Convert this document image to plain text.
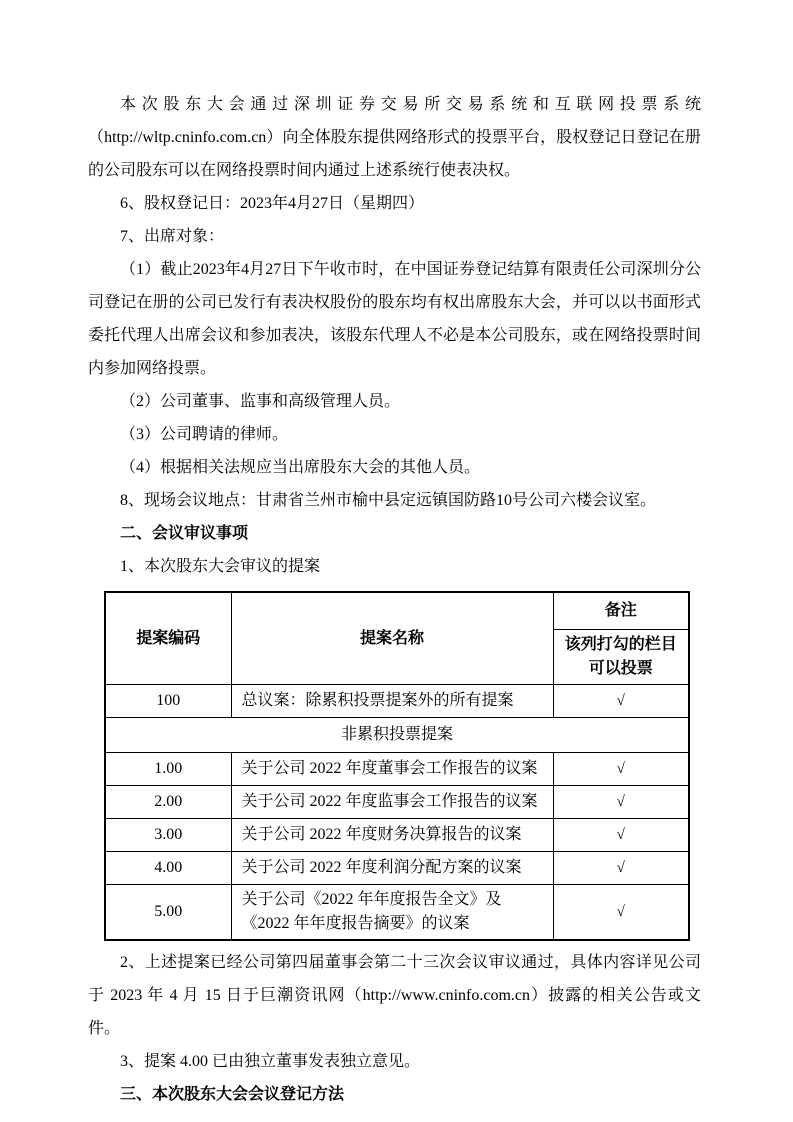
本次股东大会通过深圳证券交易所交易系统和互联网投票系统（http://wltp.cninfo.com.cn）向全体股东提供网络形式的投票平台，股权登记日登记在册的公司股东可以在网络投票时间内通过上述系统行使表决权。

6、股权登记日：2023年4月27日（星期四）

7、出席对象：

（1）截止2023年4月27日下午收市时，在中国证券登记结算有限责任公司深圳分公司登记在册的公司已发行有表决权股份的股东均有权出席股东大会，并可以以书面形式委托代理人出席会议和参加表决，该股东代理人不必是本公司股东，或在网络投票时间内参加网络投票。

（2）公司董事、监事和高级管理人员。

（3）公司聘请的律师。

（4）根据相关法规应当出席股东大会的其他人员。

8、现场会议地点：甘肃省兰州市榆中县定远镇国防路10号公司六楼会议室。

二、会议审议事项

1、本次股东大会审议的提案

提案编码	提案名称	备注
		该列打勾的栏目可以投票
100	总议案：除累积投票提案外的所有提案	√
非累积投票提案		
1.00	关于公司 2022 年度董事会工作报告的议案	√
2.00	关于公司 2022 年度监事会工作报告的议案	√
3.00	关于公司 2022 年度财务决算报告的议案	√
4.00	关于公司 2022 年度利润分配方案的议案	√
5.00	关于公司《2022 年年度报告全文》及《2022 年年度报告摘要》的议案	√

2、上述提案已经公司第四届董事会第二十三次会议审议通过，具体内容详见公司于 2023 年 4 月 15 日于巨潮资讯网（http://www.cninfo.com.cn）披露的相关公告或文件。

3、提案 4.00 已由独立董事发表独立意见。

三、本次股东大会会议登记方法
